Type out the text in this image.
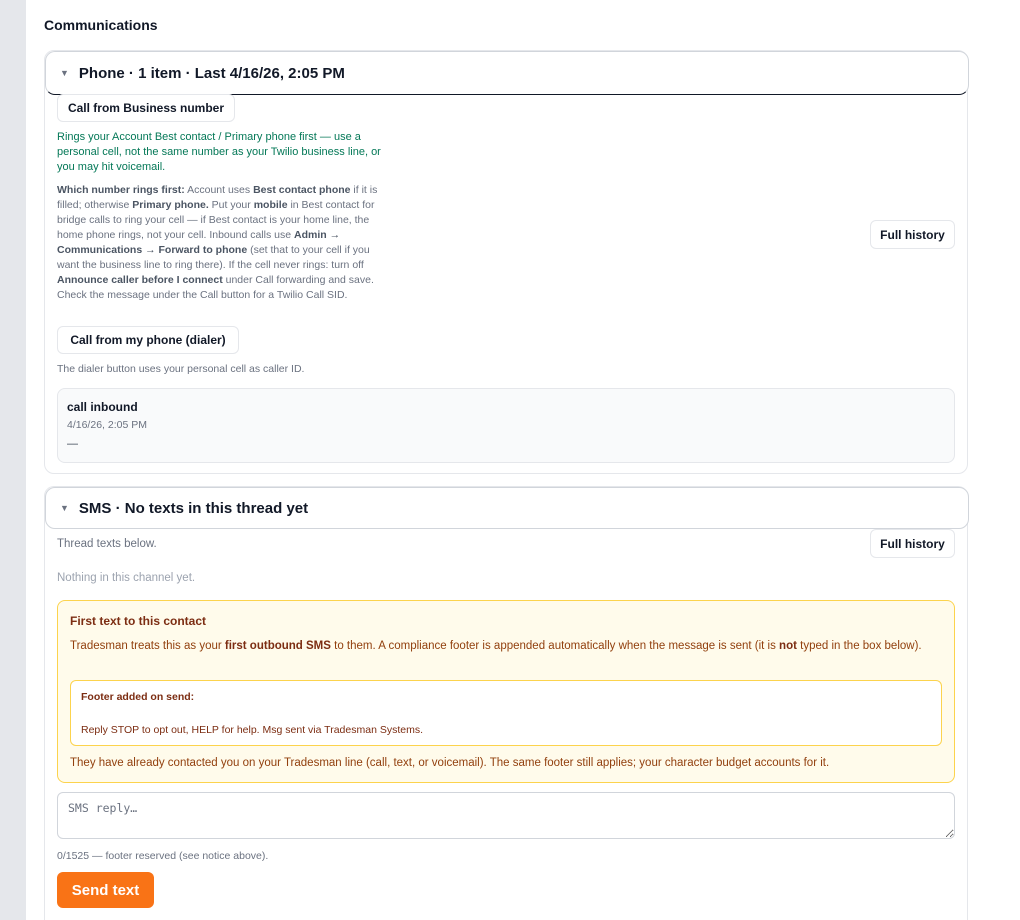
Communications
▼ Phone · 1 item · Last 4/16/26, 2:05 PM
Call from Business number
Rings your Account Best contact / Primary phone first — use a personal cell, not the same number as your Twilio business line, or you may hit voicemail.
Which number rings first: Account uses Best contact phone if it is filled; otherwise Primary phone. Put your mobile in Best contact for bridge calls to ring your cell — if Best contact is your home line, the home phone rings, not your cell. Inbound calls use Admin → Communications → Forward to phone (set that to your cell if you want the business line to ring there). If the cell never rings: turn off Announce caller before I connect under Call forwarding and save. Check the message under the Call button for a Twilio Call SID.
Full history
Call from my phone (dialer)
The dialer button uses your personal cell as caller ID.
call inbound
4/16/26, 2:05 PM
—
▼ SMS · No texts in this thread yet
Thread texts below.	Full history
Nothing in this channel yet.
First text to this contact
Tradesman treats this as your first outbound SMS to them. A compliance footer is appended automatically when the message is sent (it is not typed in the box below).
Footer added on send:
Reply STOP to opt out, HELP for help. Msg sent via Tradesman Systems.
They have already contacted you on your Tradesman line (call, text, or voicemail). The same footer still applies; your character budget accounts for it.
SMS reply…
0/1525 — footer reserved (see notice above).
Send text
